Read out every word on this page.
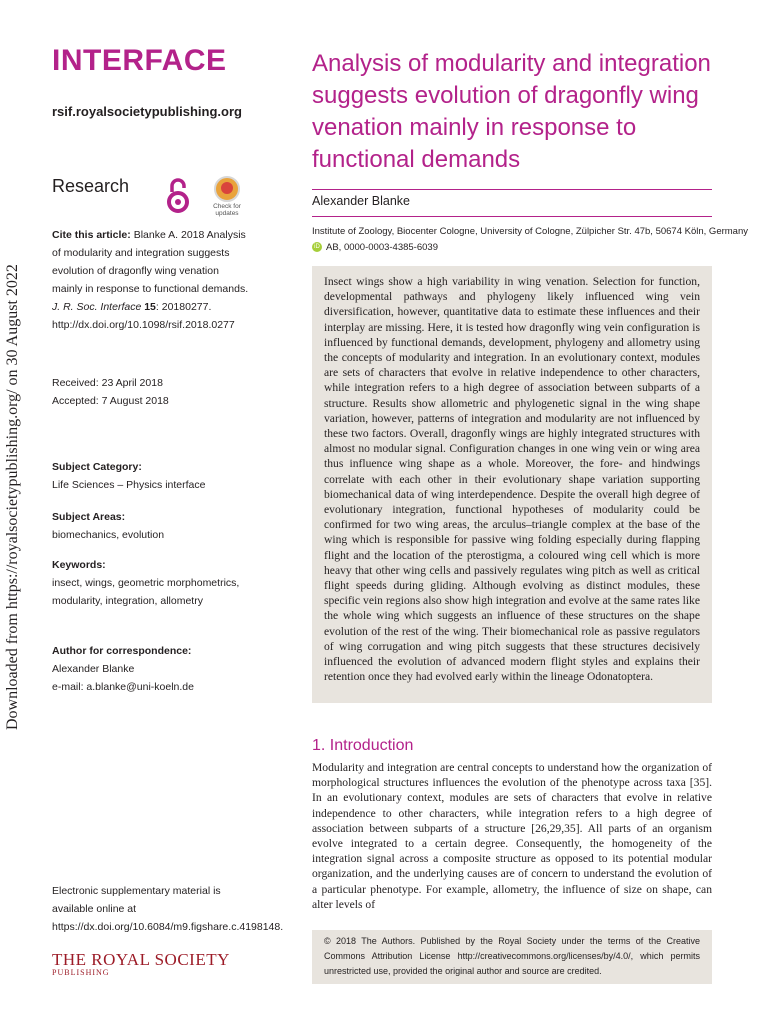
Downloaded from https://royalsocietypublishing.org/ on 30 August 2022
INTERFACE
rsif.royalsocietypublishing.org
Research
Check for updates
Cite this article: Blanke A. 2018 Analysis of modularity and integration suggests evolution of dragonfly wing venation mainly in response to functional demands. J. R. Soc. Interface 15: 20180277.
http://dx.doi.org/10.1098/rsif.2018.0277
Received: 23 April 2018
Accepted: 7 August 2018
Subject Category:
Life Sciences – Physics interface
Subject Areas:
biomechanics, evolution
Keywords:
insect, wings, geometric morphometrics, modularity, integration, allometry
Author for correspondence:
Alexander Blanke
e-mail: a.blanke@uni-koeln.de
Electronic supplementary material is available online at https://dx.doi.org/10.6084/m9.figshare.c.4198148.
THE ROYAL SOCIETY
PUBLISHING
Analysis of modularity and integration suggests evolution of dragonfly wing venation mainly in response to functional demands
Alexander Blanke
Institute of Zoology, Biocenter Cologne, University of Cologne, Zülpicher Str. 47b, 50674 Köln, Germany
iD AB, 0000-0003-4385-6039

Insect wings show a high variability in wing venation. Selection for function, developmental pathways and phylogeny likely influenced wing vein diversification, however, quantitative data to estimate these influences and their interplay are missing. Here, it is tested how dragonfly wing vein configuration is influenced by functional demands, development, phylogeny and allometry using the concepts of modularity and integration. In an evolutionary context, modules are sets of characters that evolve in relative independence to other characters, while integration refers to a high degree of association between subparts of a structure. Results show allometric and phylogenetic signal in the wing shape variation, however, patterns of integration and modularity are not influenced by these two factors. Overall, dragonfly wings are highly integrated structures with almost no modular signal. Configuration changes in one wing vein or wing area thus influence wing shape as a whole. Moreover, the fore- and hindwings correlate with each other in their evolutionary shape variation supporting biomechanical data of wing interdependence. Despite the overall high degree of evolutionary integration, functional hypotheses of modularity could be confirmed for two wing areas, the arculus–triangle complex at the base of the wing which is responsible for passive wing folding especially during flapping flight and the location of the pterostigma, a coloured wing cell which is more heavy that other wing cells and passively regulates wing pitch as well as critical flight speeds during gliding. Although evolving as distinct modules, these specific vein regions also show high integration and evolve at the same rates like the whole wing which suggests an influence of these structures on the shape evolution of the rest of the wing. Their biomechanical role as passive regulators of wing corrugation and wing pitch suggests that these structures decisively influenced the evolution of advanced modern flight styles and explains their retention once they had evolved early within the lineage Odonatoptera.

1. Introduction

Modularity and integration are central concepts to understand how the organization of morphological structures influences the evolution of the phenotype across taxa [35]. In an evolutionary context, modules are sets of characters that evolve in relative independence to other characters, while integration refers to a high degree of association between subparts of a structure [26,29,35]. All parts of an organism evolve integrated to a certain degree. Consequently, the homogeneity of the integration signal across a composite structure as opposed to its potential modular organization, and the underlying causes are of concern to understand the evolution of a particular phenotype. For example, allometry, the influence of size on shape, can alter levels of

© 2018 The Authors. Published by the Royal Society under the terms of the Creative Commons Attribution License http://creativecommons.org/licenses/by/4.0/, which permits unrestricted use, provided the original author and source are credited.
